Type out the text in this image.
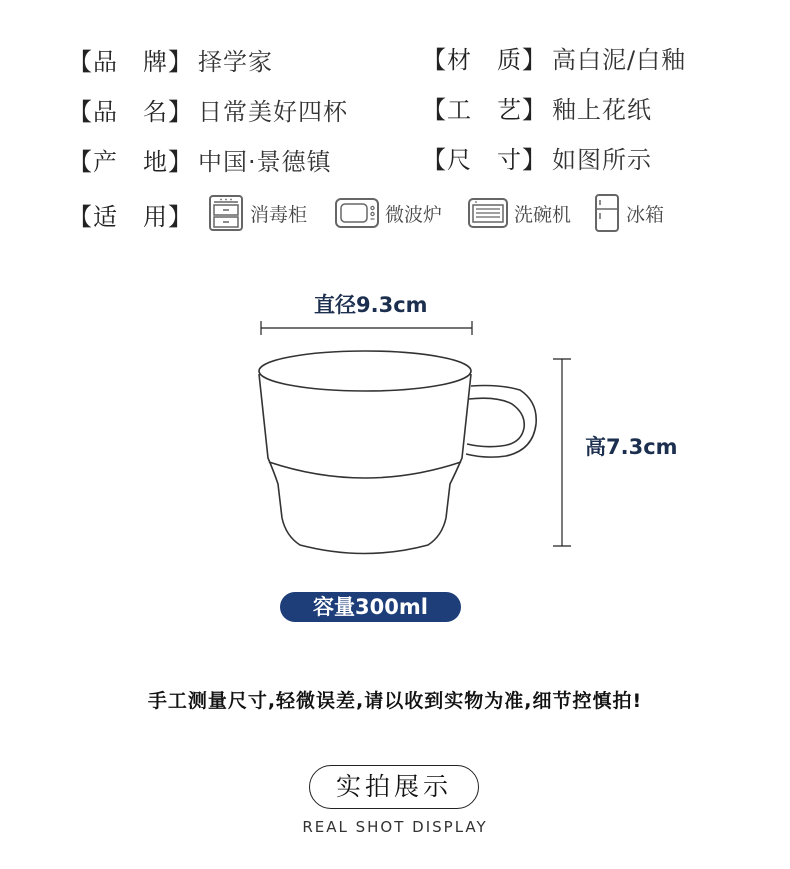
【品　牌】 择学家
【品　名】 日常美好四杯
【产　地】 中国·景德镇
【材　质】 高白泥/白釉
【工　艺】 釉上花纸
【尺　寸】 如图所示
【适　用】	消毒柜	微波炉	洗碗机	冰箱
直径9.3cm
高7.3cm
容量300ml
手工测量尺寸,轻微误差,请以收到实物为准,细节控慎拍!
实拍展示
REAL SHOT DISPLAY
